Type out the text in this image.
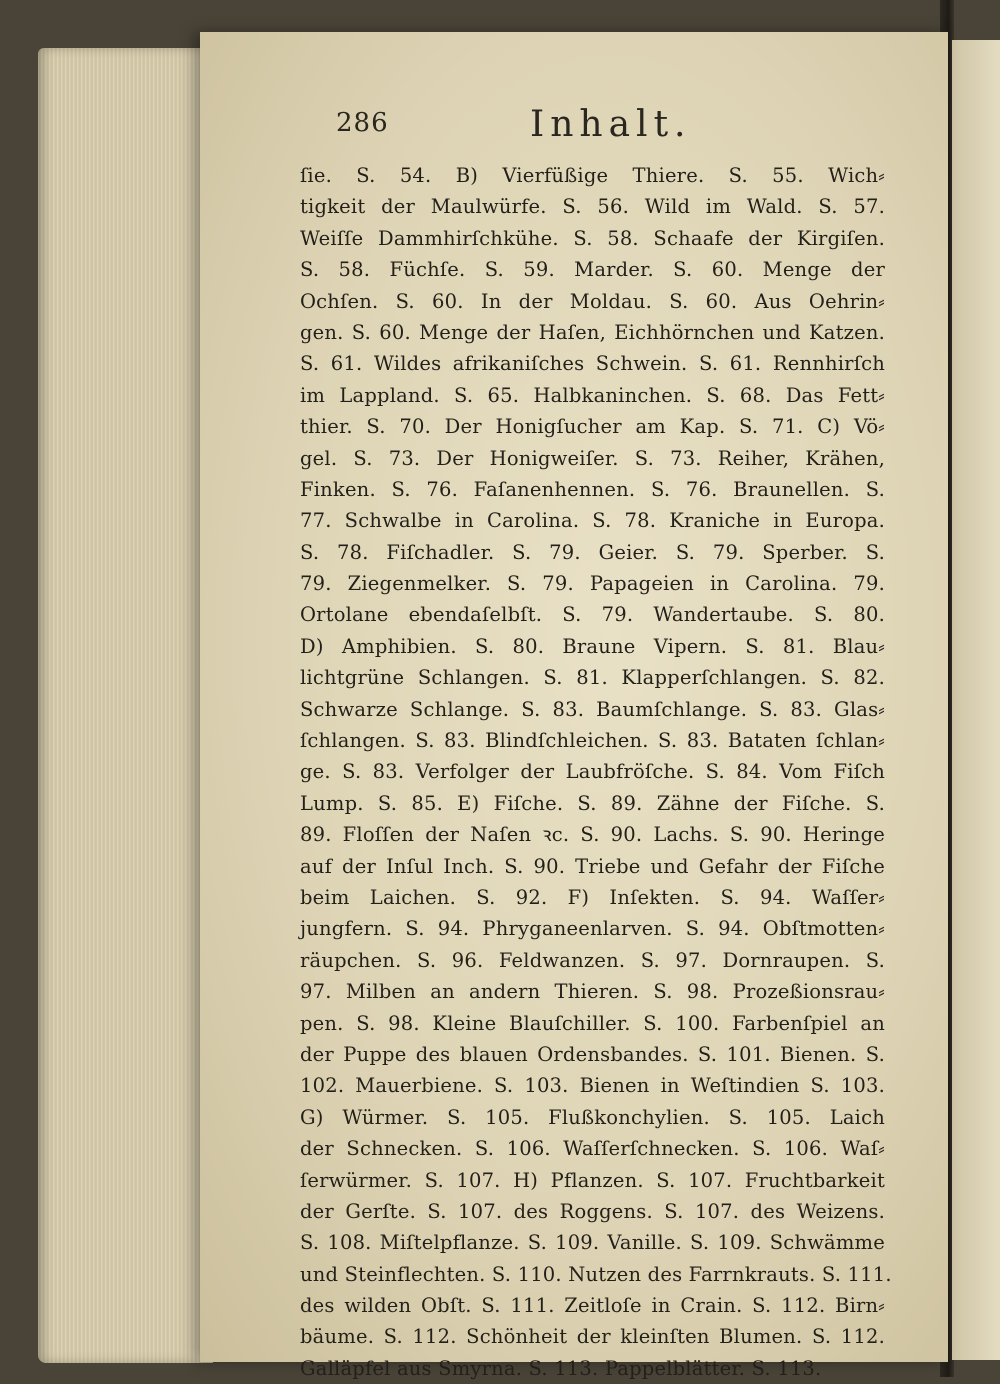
286	Inhalt.
ſie. S. 54. B) Vierfüßige Thiere. S. 55. Wich⸗
tigkeit der Maulwürfe. S. 56. Wild im Wald. S. 57.
Weiſſe Dammhirſchkühe. S. 58. Schaafe der Kirgiſen.
S. 58. Füchſe. S. 59. Marder. S. 60. Menge der
Ochſen. S. 60. In der Moldau. S. 60. Aus Oehrin⸗
gen. S. 60. Menge der Haſen, Eichhörnchen und Katzen.
S. 61. Wildes afrikaniſches Schwein. S. 61. Rennhirſch
im Lappland. S. 65. Halbkaninchen. S. 68. Das Fett⸗
thier. S. 70. Der Honigſucher am Kap. S. 71. C) Vö⸗
gel. S. 73. Der Honigweiſer. S. 73. Reiher, Krähen,
Finken. S. 76. Faſanenhennen. S. 76. Braunellen. S.
77. Schwalbe in Carolina. S. 78. Kraniche in Europa.
S. 78. Fiſchadler. S. 79. Geier. S. 79. Sperber. S.
79. Ziegenmelker. S. 79. Papageien in Carolina. 79.
Ortolane ebendaſelbſt. S. 79. Wandertaube. S. 80.
D) Amphibien. S. 80. Braune Vipern. S. 81. Blau⸗
lichtgrüne Schlangen. S. 81. Klapperſchlangen. S. 82.
Schwarze Schlange. S. 83. Baumſchlange. S. 83. Glas⸗
ſchlangen. S. 83. Blindſchleichen. S. 83. Bataten ſchlan⸗
ge. S. 83. Verfolger der Laubfröſche. S. 84. Vom Fiſch
Lump. S. 85. E) Fiſche. S. 89. Zähne der Fiſche. S.
89. Floſſen der Naſen ꝛc. S. 90. Lachs. S. 90. Heringe
auf der Inſul Inch. S. 90. Triebe und Gefahr der Fiſche
beim Laichen. S. 92. F) Inſekten. S. 94. Waſſer⸗
jungfern. S. 94. Phryganeenlarven. S. 94. Obſtmotten⸗
räupchen. S. 96. Feldwanzen. S. 97. Dornraupen. S.
97. Milben an andern Thieren. S. 98. Prozeßionsrau⸗
pen. S. 98. Kleine Blauſchiller. S. 100. Farbenſpiel an
der Puppe des blauen Ordensbandes. S. 101. Bienen. S.
102. Mauerbiene. S. 103. Bienen in Weſtindien S. 103.
G) Würmer. S. 105. Flußkonchylien. S. 105. Laich
der Schnecken. S. 106. Waſſerſchnecken. S. 106. Waſ⸗
ſerwürmer. S. 107. H) Pflanzen. S. 107. Fruchtbarkeit
der Gerſte. S. 107. des Roggens. S. 107. des Weizens.
S. 108. Miſtelpflanze. S. 109. Vanille. S. 109. Schwämme
und Steinflechten. S. 110. Nutzen des Farrnkrauts. S. 111.
des wilden Obſt. S. 111. Zeitloſe in Crain. S. 112. Birn⸗
bäume. S. 112. Schönheit der kleinſten Blumen. S. 112.
Galläpfel aus Smyrna. S. 113. Pappelblätter. S. 113.
